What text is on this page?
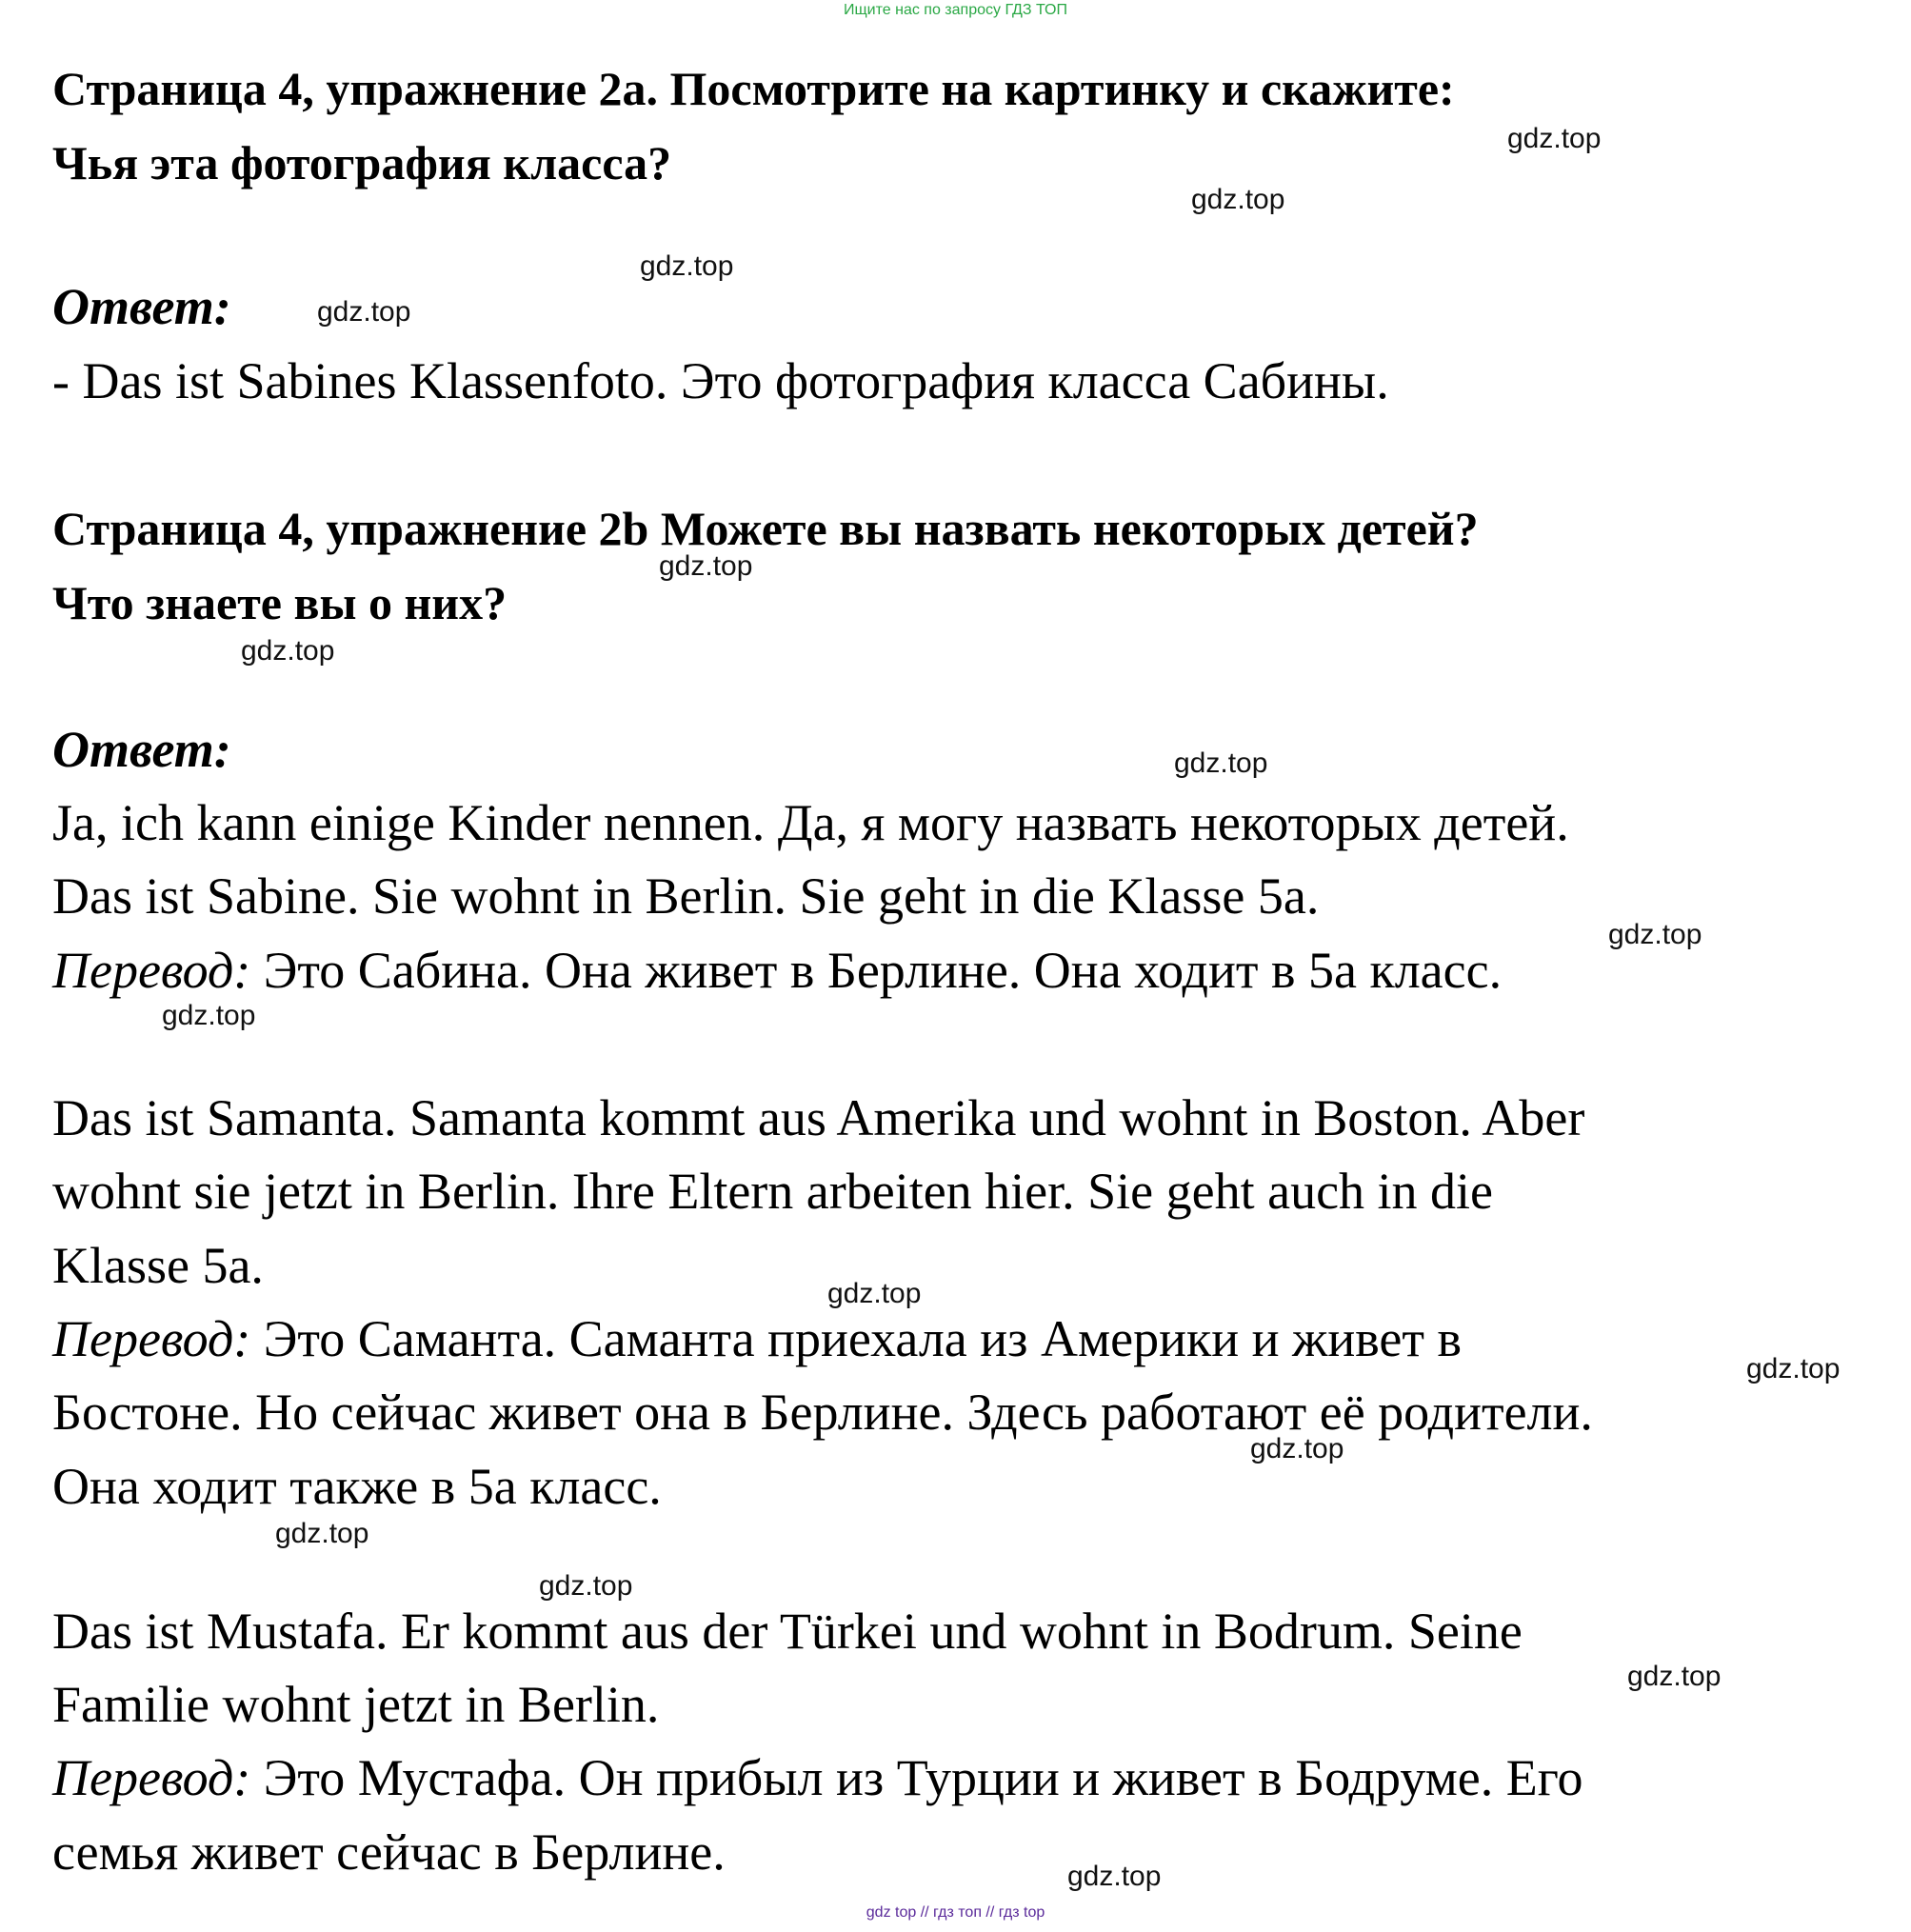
Ищите нас по запросу ГДЗ ТОП
Страница 4, упражнение 2a. Посмотрите на картинку и скажите:
Чья эта фотография класса?

Ответ:

- Das ist Sabines Klassenfoto. Это фотография класса Сабины.

Страница 4, упражнение 2b Можете вы назвать некоторых детей?
Что знаете вы о них?

Ответ:

Ja, ich kann einige Kinder nennen. Да, я могу назвать некоторых детей.

Das ist Sabine. Sie wohnt in Berlin. Sie geht in die Klasse 5a.

Перевод: Это Сабина. Она живет в Берлине. Она ходит в 5а класс.

Das ist Samanta. Samanta kommt aus Amerika und wohnt in Boston. Aber

wohnt sie jetzt in Berlin. Ihre Eltern arbeiten hier. Sie geht auch in die

Klasse 5a.

Перевод: Это Саманта. Саманта приехала из Америки и живет в

Бостоне. Но сейчас живет она в Берлине. Здесь работают её родители.

Она ходит также в 5а класс.

Das ist Mustafa. Er kommt aus der Türkei und wohnt in Bodrum. Seine

Familie wohnt jetzt in Berlin.

Перевод: Это Мустафа. Он прибыл из Турции и живет в Бодруме. Его

семья живет сейчас в Берлине.

gdz.top
gdz.top
gdz.top
gdz.top
gdz.top
gdz.top
gdz.top
gdz.top
gdz.top
gdz.top
gdz.top
gdz.top
gdz.top
gdz.top
gdz.top
gdz.top
gdz top // гдз топ // гдз top
